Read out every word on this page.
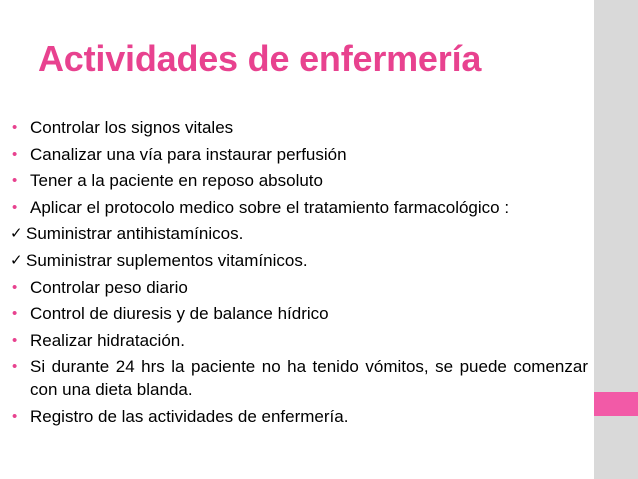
Actividades de enfermería
• Controlar los signos vitales
• Canalizar una vía para instaurar perfusión
• Tener a la paciente en reposo absoluto
• Aplicar el protocolo medico sobre el tratamiento farmacológico :
✓ Suministrar antihistamínicos.
✓ Suministrar suplementos vitamínicos.
• Controlar peso diario
• Control de diuresis y de balance hídrico
• Realizar hidratación.
• Si durante 24 hrs la paciente no ha tenido vómitos, se puede comenzar con una dieta blanda.
• Registro de las actividades de enfermería.
